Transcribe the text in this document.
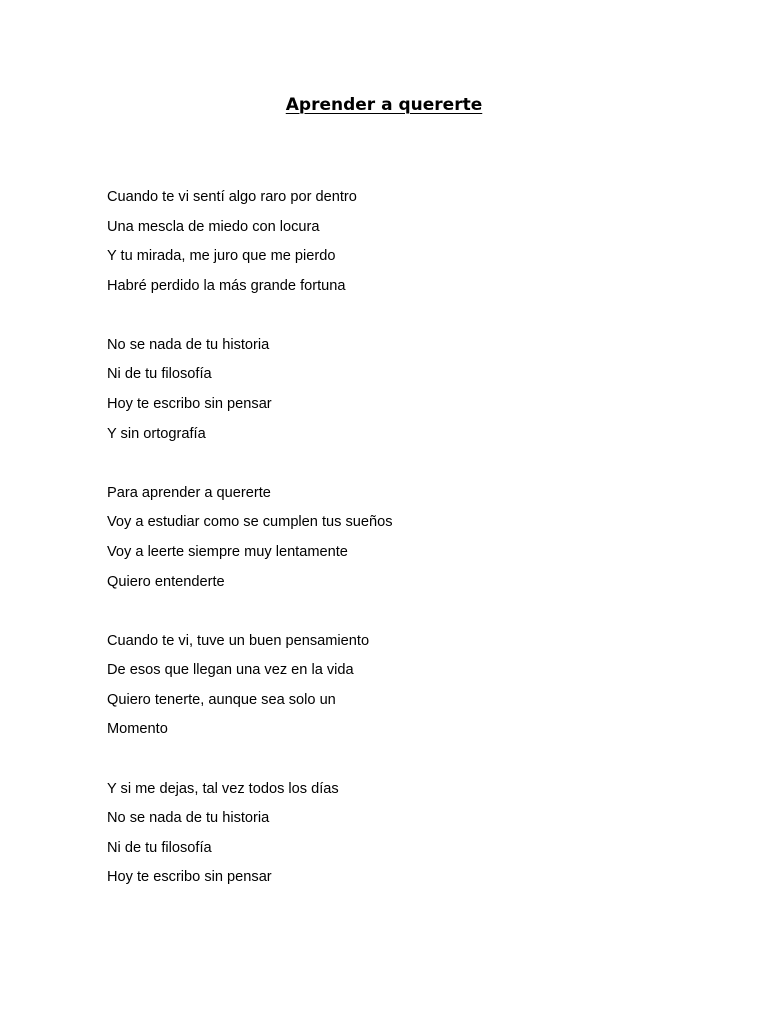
Aprender a quererte
Cuando te vi sentí algo raro por dentro
Una mescla de miedo con locura
Y tu mirada, me juro que me pierdo
Habré perdido la más grande fortuna
No se nada de tu historia
Ni de tu filosofía
Hoy te escribo sin pensar
Y sin ortografía
Para aprender a quererte
Voy a estudiar como se cumplen tus sueños
Voy a leerte siempre muy lentamente
Quiero entenderte
Cuando te vi, tuve un buen pensamiento
De esos que llegan una vez en la vida
Quiero tenerte, aunque sea solo un
Momento
Y si me dejas, tal vez todos los días
No se nada de tu historia
Ni de tu filosofía
Hoy te escribo sin pensar
